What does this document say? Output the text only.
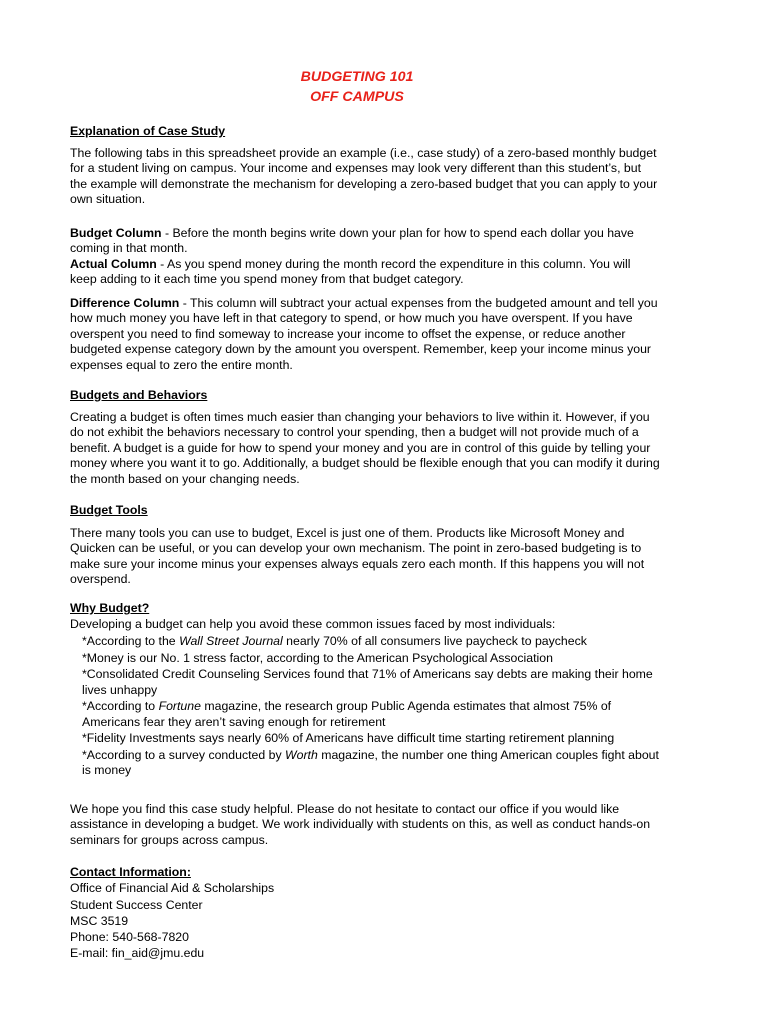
BUDGETING 101
OFF CAMPUS

Explanation of Case Study

The following tabs in this spreadsheet provide an example (i.e., case study) of a zero-based monthly budget for a student living on campus. Your income and expenses may look very different than this student’s, but the example will demonstrate the mechanism for developing a zero-based budget that you can apply to your own situation.

Budget Column - Before the month begins write down your plan for how to spend each dollar you have coming in that month.

Actual Column - As you spend money during the month record the expenditure in this column. You will keep adding to it each time you spend money from that budget category.

Difference Column - This column will subtract your actual expenses from the budgeted amount and tell you how much money you have left in that category to spend, or how much you have overspent. If you have overspent you need to find someway to increase your income to offset the expense, or reduce another budgeted expense category down by the amount you overspent. Remember, keep your income minus your expenses equal to zero the entire month.

Budgets and Behaviors

Creating a budget is often times much easier than changing your behaviors to live within it. However, if you do not exhibit the behaviors necessary to control your spending, then a budget will not provide much of a benefit. A budget is a guide for how to spend your money and you are in control of this guide by telling your money where you want it to go. Additionally, a budget should be flexible enough that you can modify it during the month based on your changing needs.

Budget Tools

There many tools you can use to budget, Excel is just one of them. Products like Microsoft Money and Quicken can be useful, or you can develop your own mechanism. The point in zero-based budgeting is to make sure your income minus your expenses always equals zero each month. If this happens you will not overspend.

Why Budget?

Developing a budget can help you avoid these common issues faced by most individuals:

*According to the Wall Street Journal nearly 70% of all consumers live paycheck to paycheck
*Money is our No. 1 stress factor, according to the American Psychological Association
*Consolidated Credit Counseling Services found that 71% of Americans say debts are making their home lives unhappy
*According to Fortune magazine, the research group Public Agenda estimates that almost 75% of Americans fear they aren’t saving enough for retirement
*Fidelity Investments says nearly 60% of Americans have difficult time starting retirement planning
*According to a survey conducted by Worth magazine, the number one thing American couples fight about is money

We hope you find this case study helpful. Please do not hesitate to contact our office if you would like assistance in developing a budget. We work individually with students on this, as well as conduct hands-on seminars for groups across campus.

Contact Information:
Office of Financial Aid & Scholarships
Student Success Center
MSC 3519
Phone: 540-568-7820
E-mail: fin_aid@jmu.edu
